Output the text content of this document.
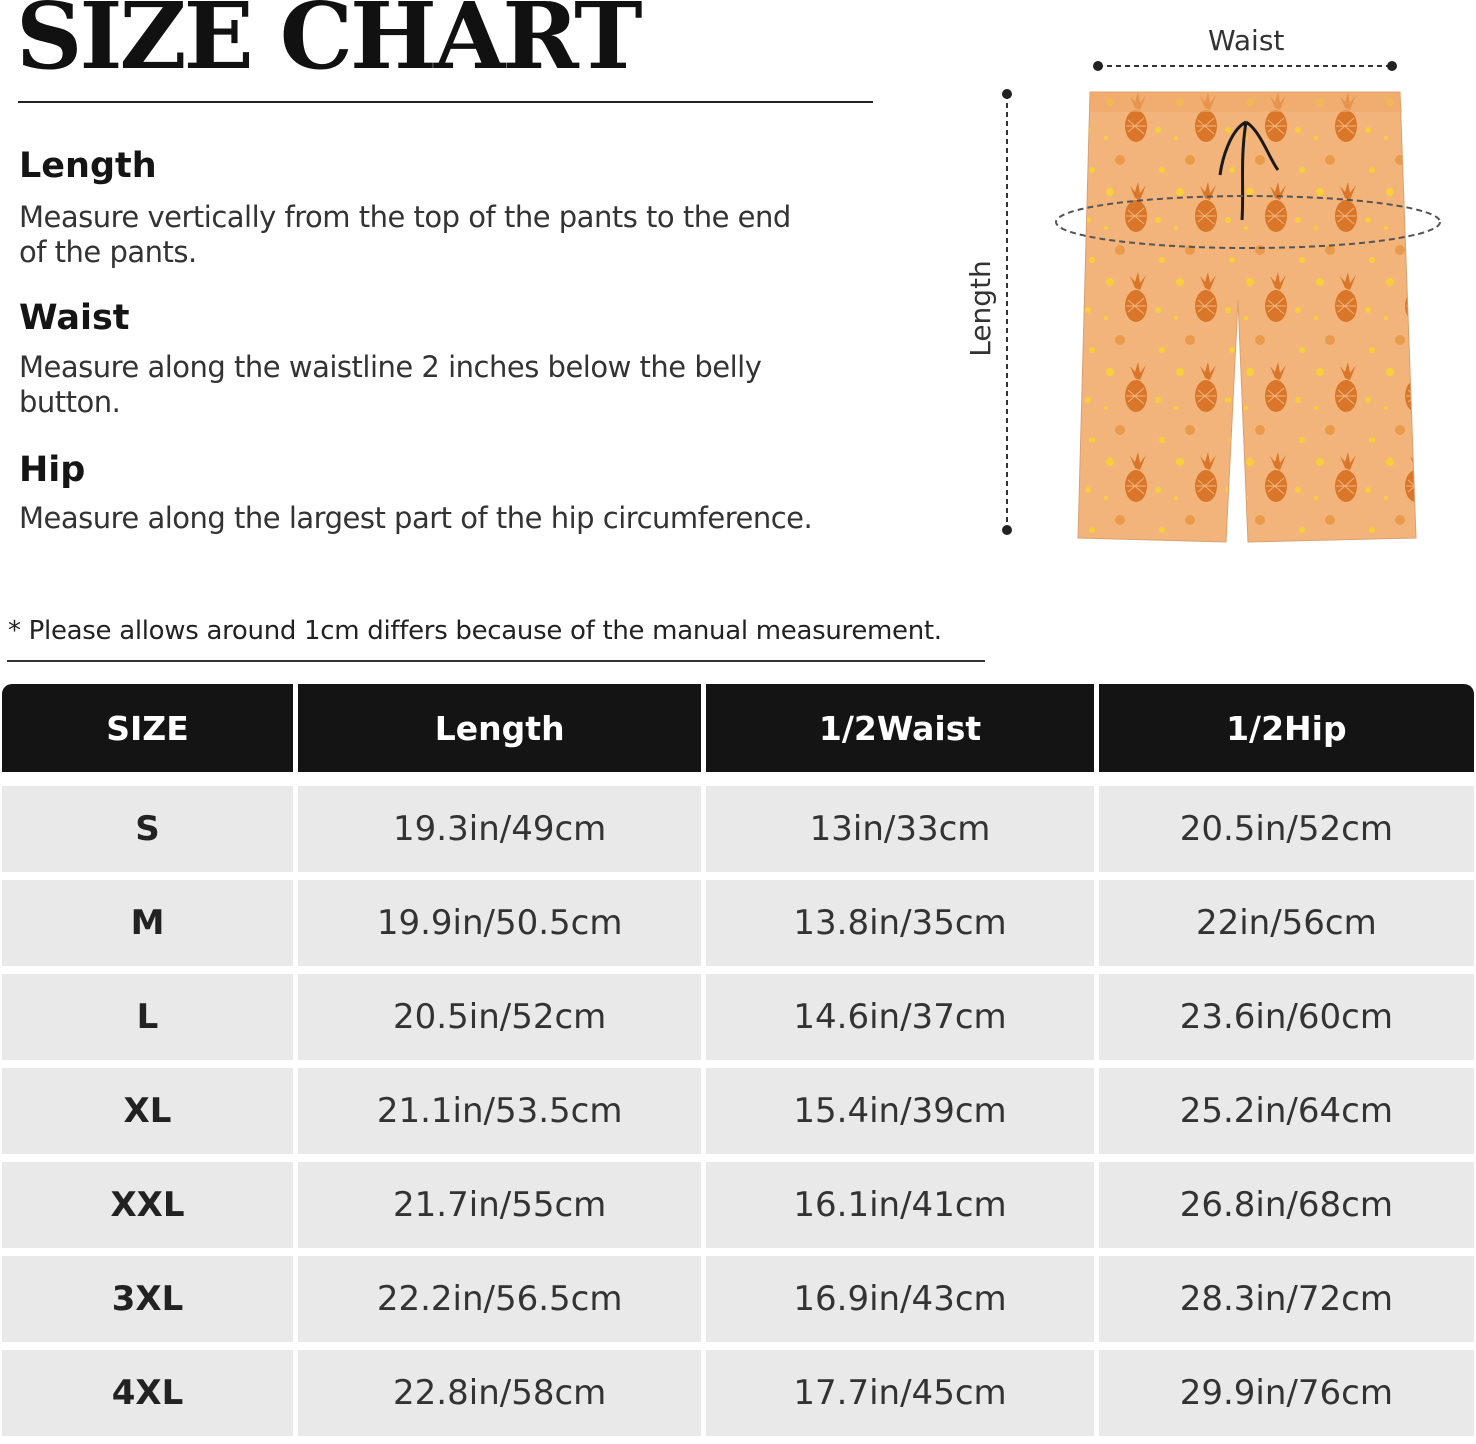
SIZE CHART
Length
Measure vertically from the top of the pants to the end of the pants.
Waist
Measure along the waistline 2 inches below the belly button.
Hip
Measure along the largest part of the hip circumference.
* Please allows around 1cm differs because of the manual measurement.
Waist
Length
SIZE	Length	1/2Waist	1/2Hip

S	19.3in/49cm	13in/33cm	20.5in/52cm
M	19.9in/50.5cm	13.8in/35cm	22in/56cm
L	20.5in/52cm	14.6in/37cm	23.6in/60cm
XL	21.1in/53.5cm	15.4in/39cm	25.2in/64cm
XXL	21.7in/55cm	16.1in/41cm	26.8in/68cm
3XL	22.2in/56.5cm	16.9in/43cm	28.3in/72cm
4XL	22.8in/58cm	17.7in/45cm	29.9in/76cm
